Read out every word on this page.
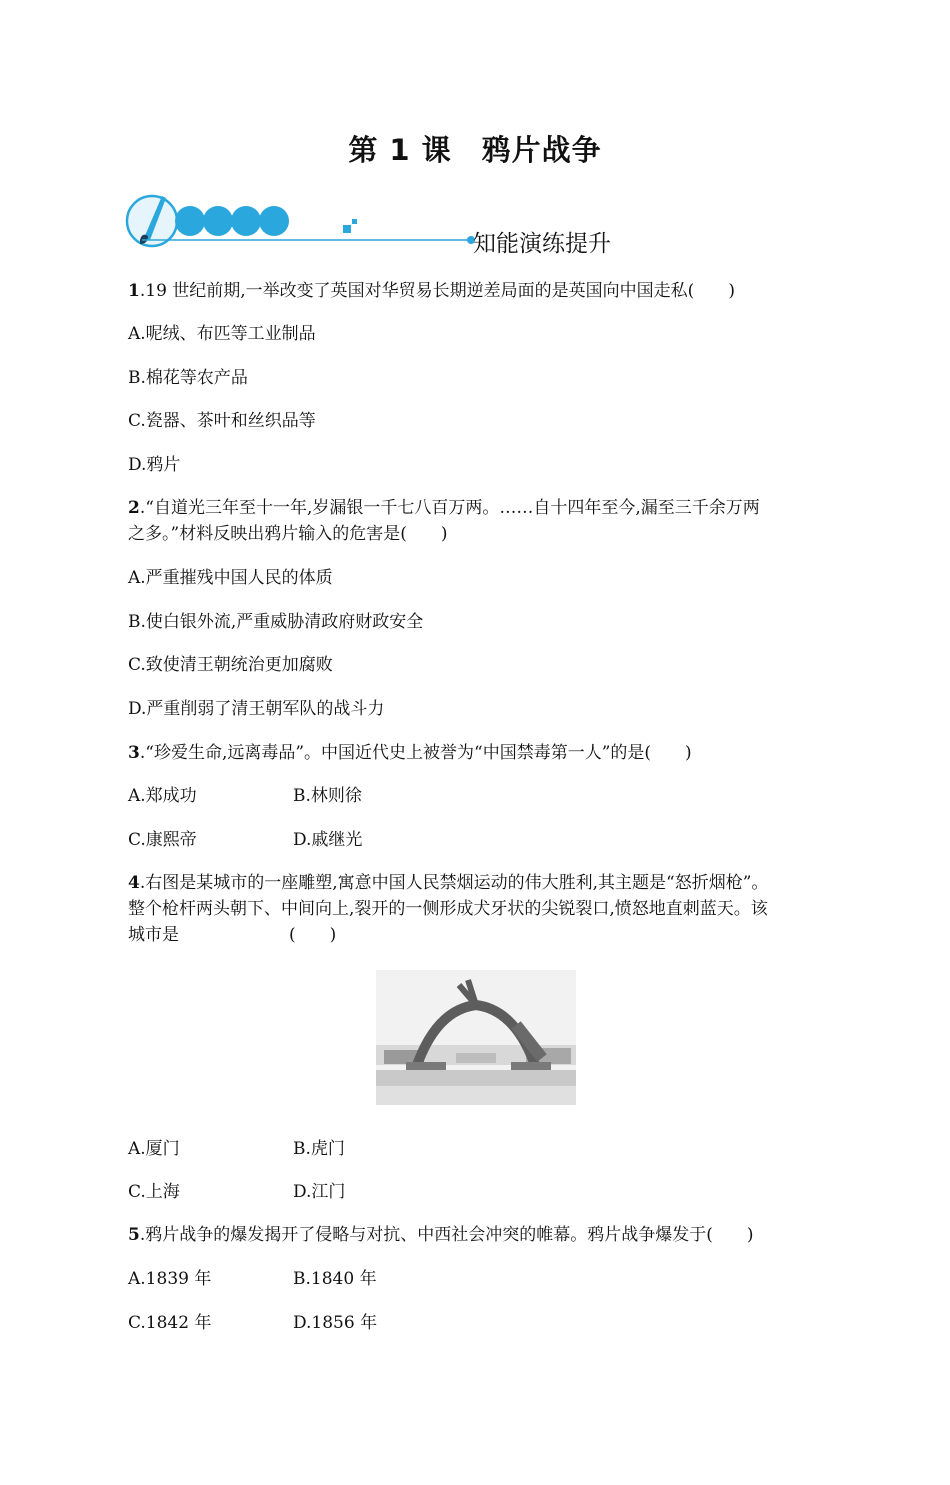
第 1 课　鸦片战争
知能演练提升
1.19 世纪前期,一举改变了英国对华贸易长期逆差局面的是英国向中国走私(　　)
A.呢绒、布匹等工业制品
B.棉花等农产品
C.瓷器、茶叶和丝织品等
D.鸦片
2.“自道光三年至十一年,岁漏银一千七八百万两。……自十四年至今,漏至三千余万两
之多。”材料反映出鸦片输入的危害是(　　)
A.严重摧残中国人民的体质
B.使白银外流,严重威胁清政府财政安全
C.致使清王朝统治更加腐败
D.严重削弱了清王朝军队的战斗力
3.“珍爱生命,远离毒品”。中国近代史上被誉为“中国禁毒第一人”的是(　　)
A.郑成功	B.林则徐
C.康熙帝	D.戚继光
4.右图是某城市的一座雕塑,寓意中国人民禁烟运动的伟大胜利,其主题是“怒折烟枪”。
整个枪杆两头朝下、中间向上,裂开的一侧形成犬牙状的尖锐裂口,愤怒地直刺蓝天。该
城市是	(　　)
A.厦门	B.虎门
C.上海	D.江门
5.鸦片战争的爆发揭开了侵略与对抗、中西社会冲突的帷幕。鸦片战争爆发于(　　)
A.1839 年	B.1840 年
C.1842 年	D.1856 年
